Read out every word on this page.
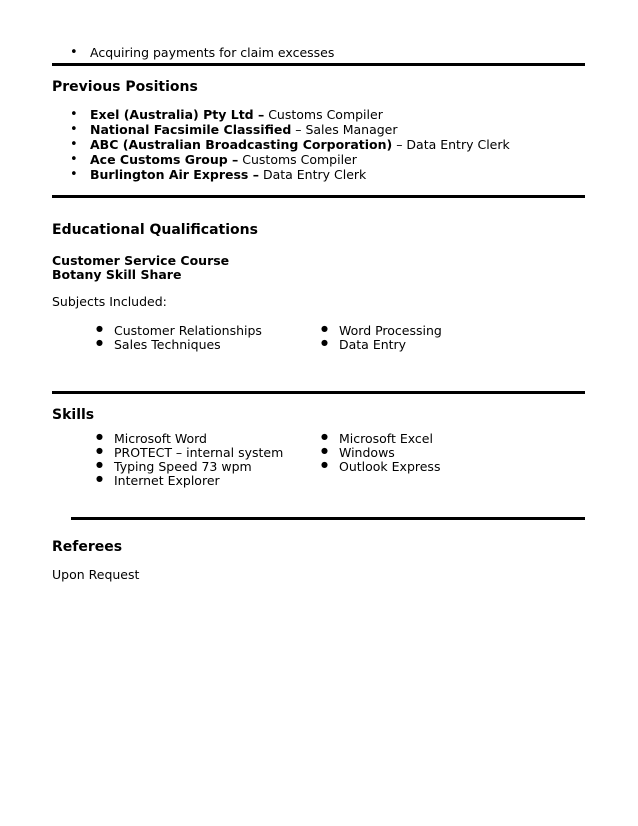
• Acquiring payments for claim excesses
Previous Positions
• Exel (Australia) Pty Ltd – Customs Compiler
• National Facsimile Classified – Sales Manager
• ABC (Australian Broadcasting Corporation) – Data Entry Clerk
• Ace Customs Group – Customs Compiler
• Burlington Air Express – Data Entry Clerk
Educational Qualifications
Customer Service Course
Botany Skill Share
Subjects Included:
● Customer Relationships
● Sales Techniques
● Word Processing
● Data Entry
Skills
● Microsoft Word
● PROTECT – internal system
● Typing Speed 73 wpm
● Internet Explorer
● Microsoft Excel
● Windows
● Outlook Express
Referees
Upon Request
